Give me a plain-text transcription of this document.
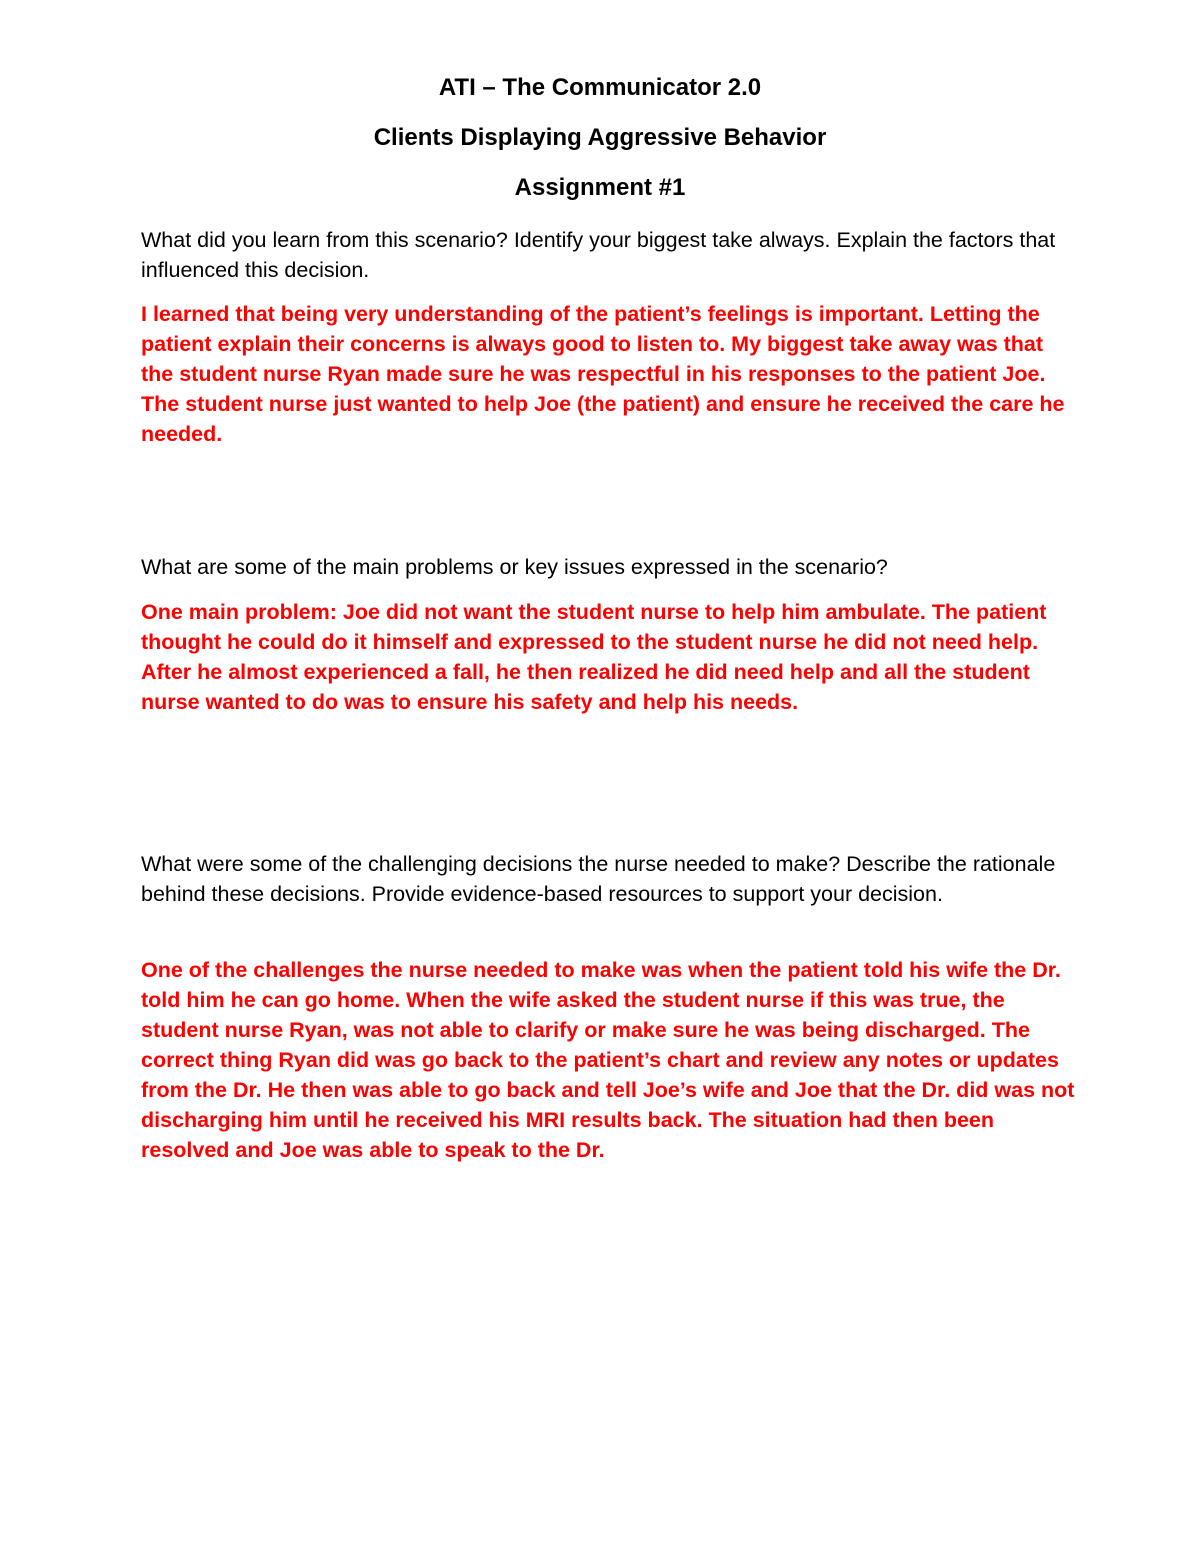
ATI – The Communicator 2.0
Clients Displaying Aggressive Behavior
Assignment #1

What did you learn from this scenario? Identify your biggest take always. Explain the factors that influenced this decision.

I learned that being very understanding of the patient’s feelings is important. Letting the patient explain their concerns is always good to listen to. My biggest take away was that the student nurse Ryan made sure he was respectful in his responses to the patient Joe. The student nurse just wanted to help Joe (the patient) and ensure he received the care he needed.

What are some of the main problems or key issues expressed in the scenario?

One main problem: Joe did not want the student nurse to help him ambulate. The patient thought he could do it himself and expressed to the student nurse he did not need help. After he almost experienced a fall, he then realized he did need help and all the student nurse wanted to do was to ensure his safety and help his needs.

What were some of the challenging decisions the nurse needed to make? Describe the rationale behind these decisions. Provide evidence-based resources to support your decision.

One of the challenges the nurse needed to make was when the patient told his wife the Dr. told him he can go home. When the wife asked the student nurse if this was true, the student nurse Ryan, was not able to clarify or make sure he was being discharged. The correct thing Ryan did was go back to the patient’s chart and review any notes or updates from the Dr. He then was able to go back and tell Joe’s wife and Joe that the Dr. did was not discharging him until he received his MRI results back. The situation had then been resolved and Joe was able to speak to the Dr.
